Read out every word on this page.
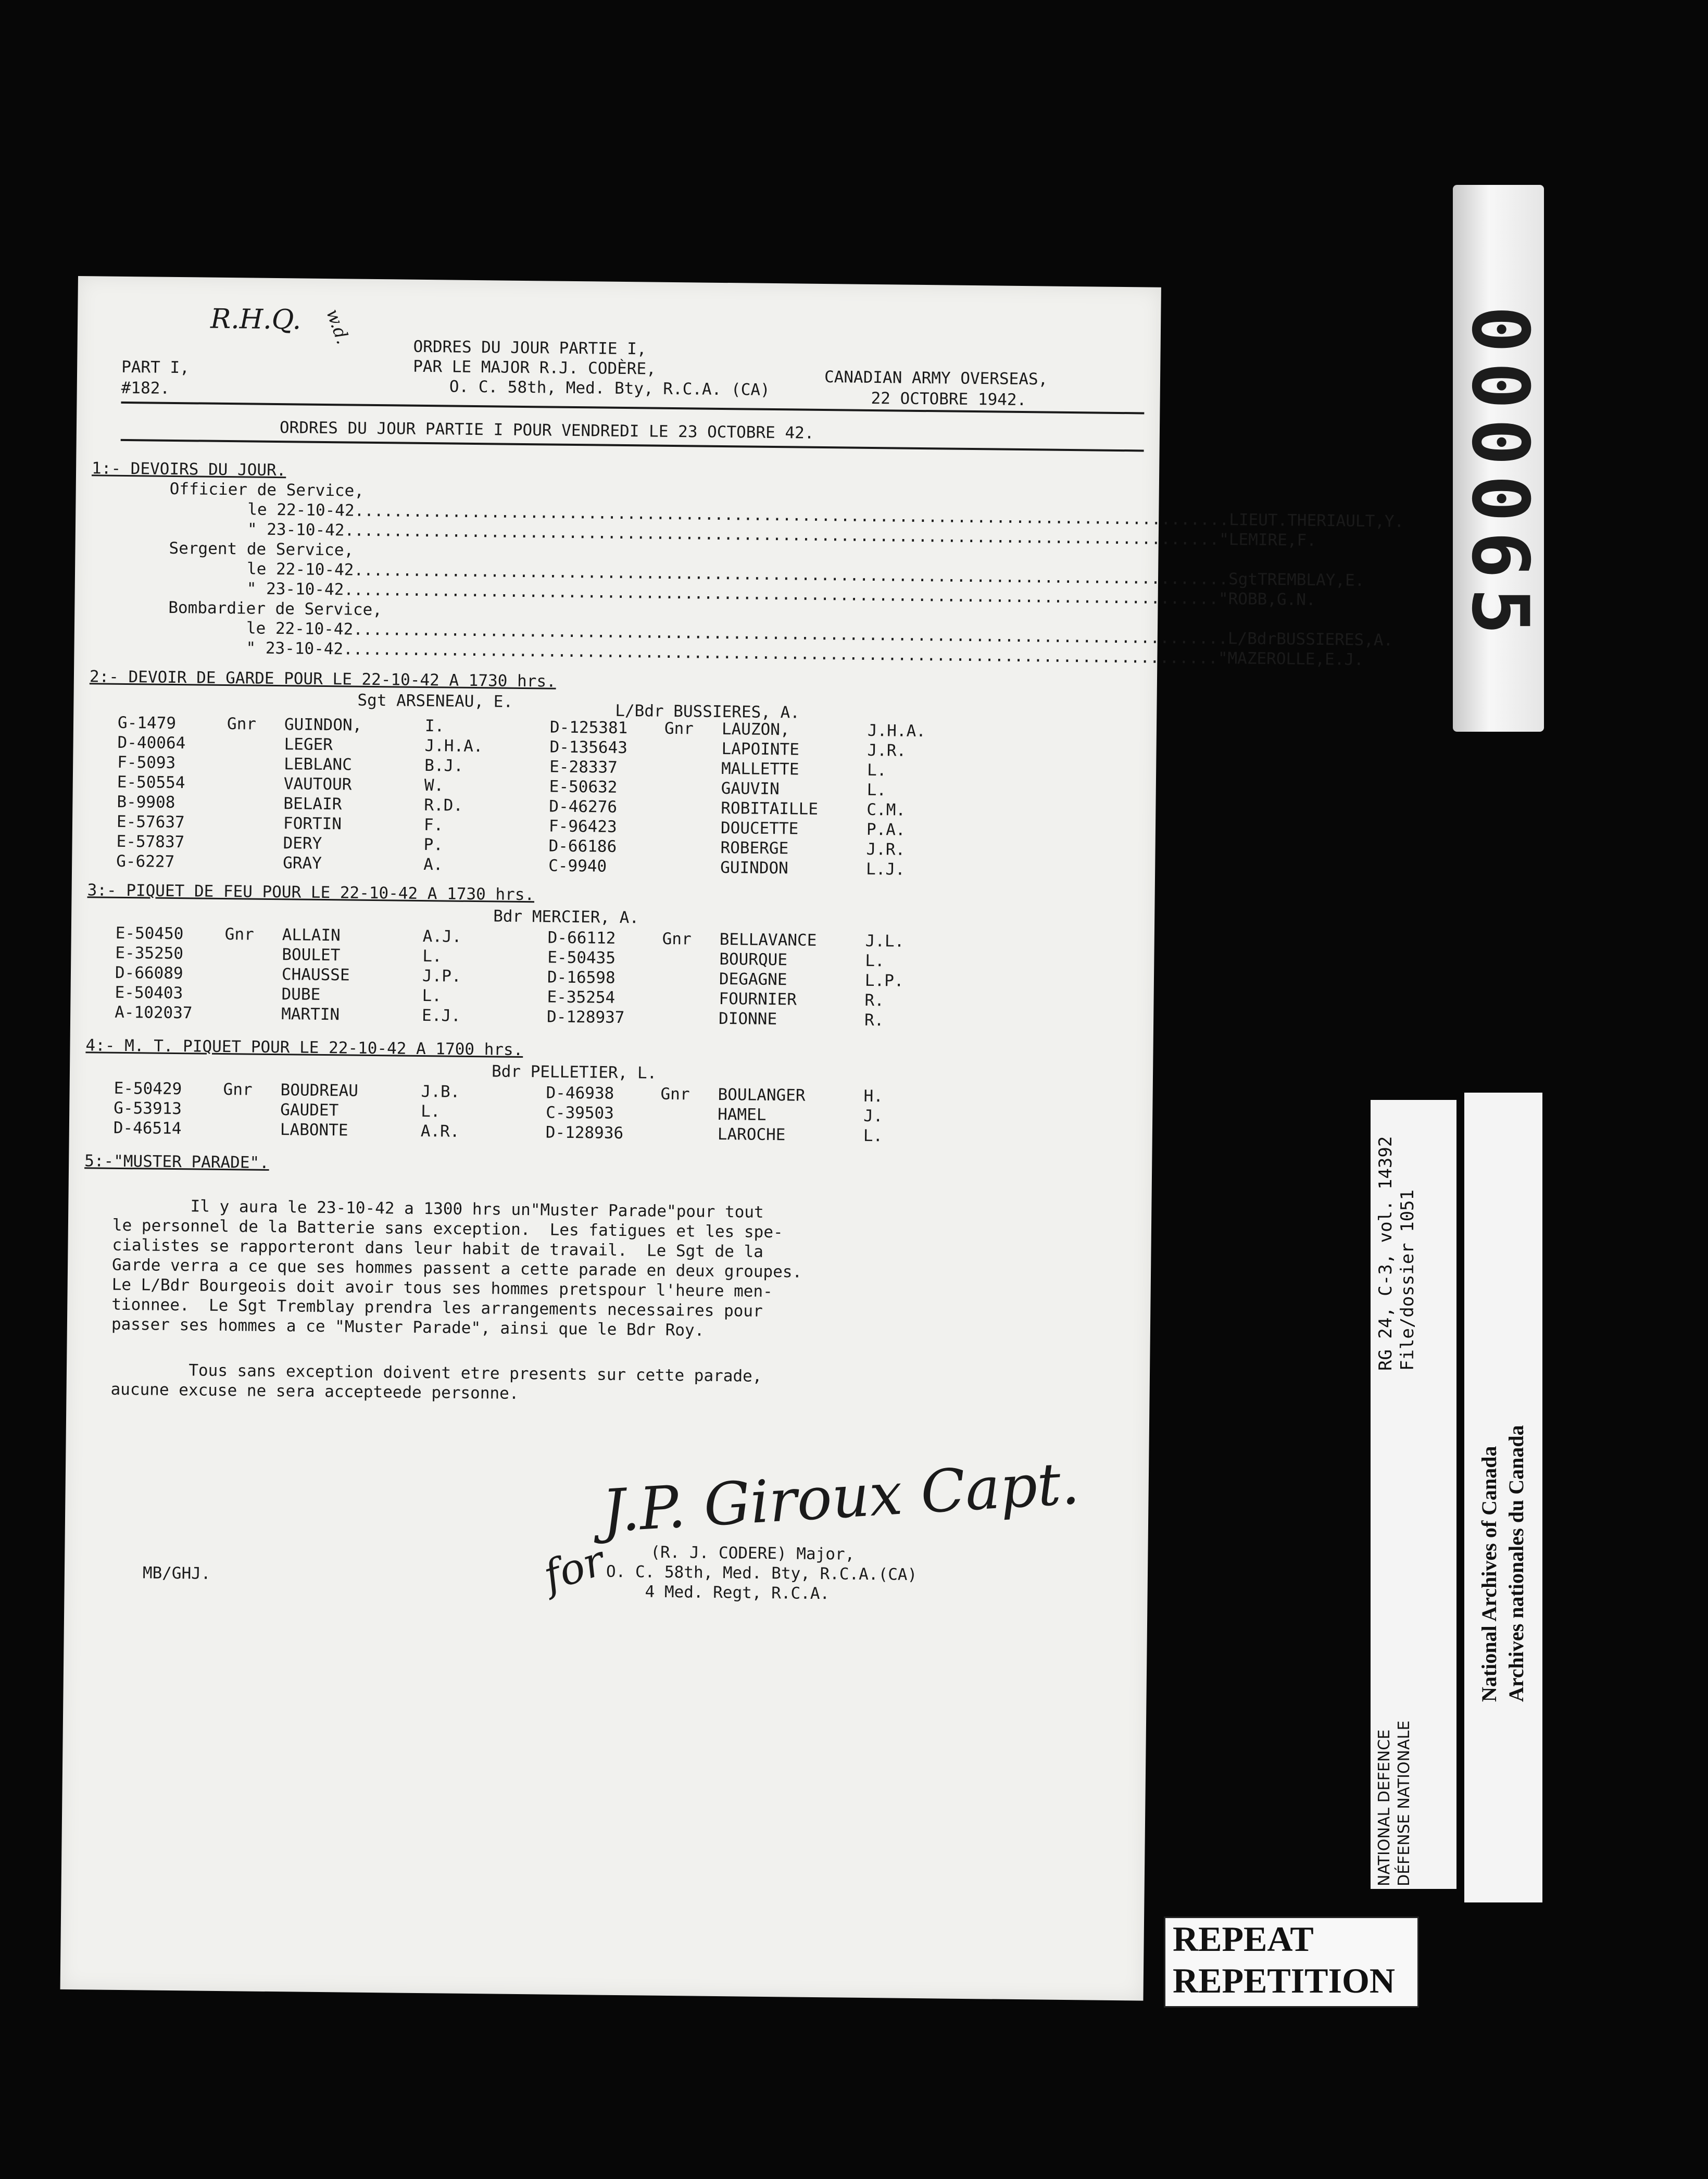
R.H.Q. w.d.
PART I,
#182.
ORDRES DU JOUR PARTIE I,
PAR LE MAJOR R.J. CODÈRE,	CANADIAN ARMY OVERSEAS,
O. C. 58th, Med. Bty, R.C.A. (CA)	22 OCTOBRE 1942.
ORDRES DU JOUR PARTIE I POUR VENDREDI LE 23 OCTOBRE 42.
1:- DEVOIRS DU JOUR.
Officier de Service,
le 22-10-42 .......................................................................................... LIEUT. THERIAULT, Y.
" 23-10-42 .......................................................................................... " LEMIRE, F.
Sergent de Service,
le 22-10-42 .......................................................................................... Sgt TREMBLAY, E.
" 23-10-42 .......................................................................................... " ROBB, G.N.
Bombardier de Service,
le 22-10-42 .......................................................................................... L/Bdr BUSSIERES, A.
" 23-10-42 .......................................................................................... " MAZEROLLE, E.J.
2:- DEVOIR DE GARDE POUR LE 22-10-42 A 1730 hrs.
Sgt ARSENEAU, E.
L/Bdr BUSSIERES, A.
G-1479	Gnr	GUINDON,	I.	D-125381	Gnr	LAUZON,	J.H.A.
D-40064	LEGER	J.H.A.	D-135643	LAPOINTE	J.R.
F-5093	LEBLANC	B.J.	E-28337	MALLETTE	L.
E-50554	VAUTOUR	W.	E-50632	GAUVIN	L.
B-9908	BELAIR	R.D.	D-46276	ROBITAILLE	C.M.
E-57637	FORTIN	F.	F-96423	DOUCETTE	P.A.
E-57837	DERY	P.	D-66186	ROBERGE	J.R.
G-6227	GRAY	A.	C-9940	GUINDON	L.J.
3:- PIQUET DE FEU POUR LE 22-10-42 A 1730 hrs.
Bdr MERCIER, A.
E-50450	Gnr	ALLAIN	A.J.	D-66112	Gnr	BELLAVANCE	J.L.
E-35250	BOULET	L.	E-50435	BOURQUE	L.
D-66089	CHAUSSE	J.P.	D-16598	DEGAGNE	L.P.
E-50403	DUBE	L.	E-35254	FOURNIER	R.
A-102037	MARTIN	E.J.	D-128937	DIONNE	R.
4:- M. T. PIQUET POUR LE 22-10-42 A 1700 hrs.
Bdr PELLETIER, L.
E-50429	Gnr	BOUDREAU	J.B.	D-46938	Gnr	BOULANGER	H.
G-53913	GAUDET	L.	C-39503	HAMEL	J.
D-46514	LABONTE	A.R.	D-128936	LAROCHE	L.
5:-"MUSTER PARADE".
Il y aura le 23-10-42 a 1300 hrs un"Muster Parade"pour tout
le personnel de la Batterie sans exception.  Les fatigues et les spe-
cialistes se rapporteront dans leur habit de travail.  Le Sgt de la
Garde verra a ce que ses hommes passent a cette parade en deux groupes.
Le L/Bdr Bourgeois doit avoir tous ses hommes pretspour l'heure men-
tionnee.  Le Sgt Tremblay prendra les arrangements necessaires pour
passer ses hommes a ce "Muster Parade", ainsi que le Bdr Roy.
Tous sans exception doivent etre presents sur cette parade,
aucune excuse ne sera accepteede personne.
J.P. Giroux Capt.
for	(R. J. CODERE) Major,
O. C. 58th, Med. Bty, R.C.A.(CA)
4 Med. Regt, R.C.A.
MB/GHJ.
000065
RG 24, C-3, vol. 14392 File/dossier 1051
NATIONAL DEFENCE DÉFENSE NATIONALE
National Archives of Canada Archives nationales du Canada
REPEAT
REPETITION
